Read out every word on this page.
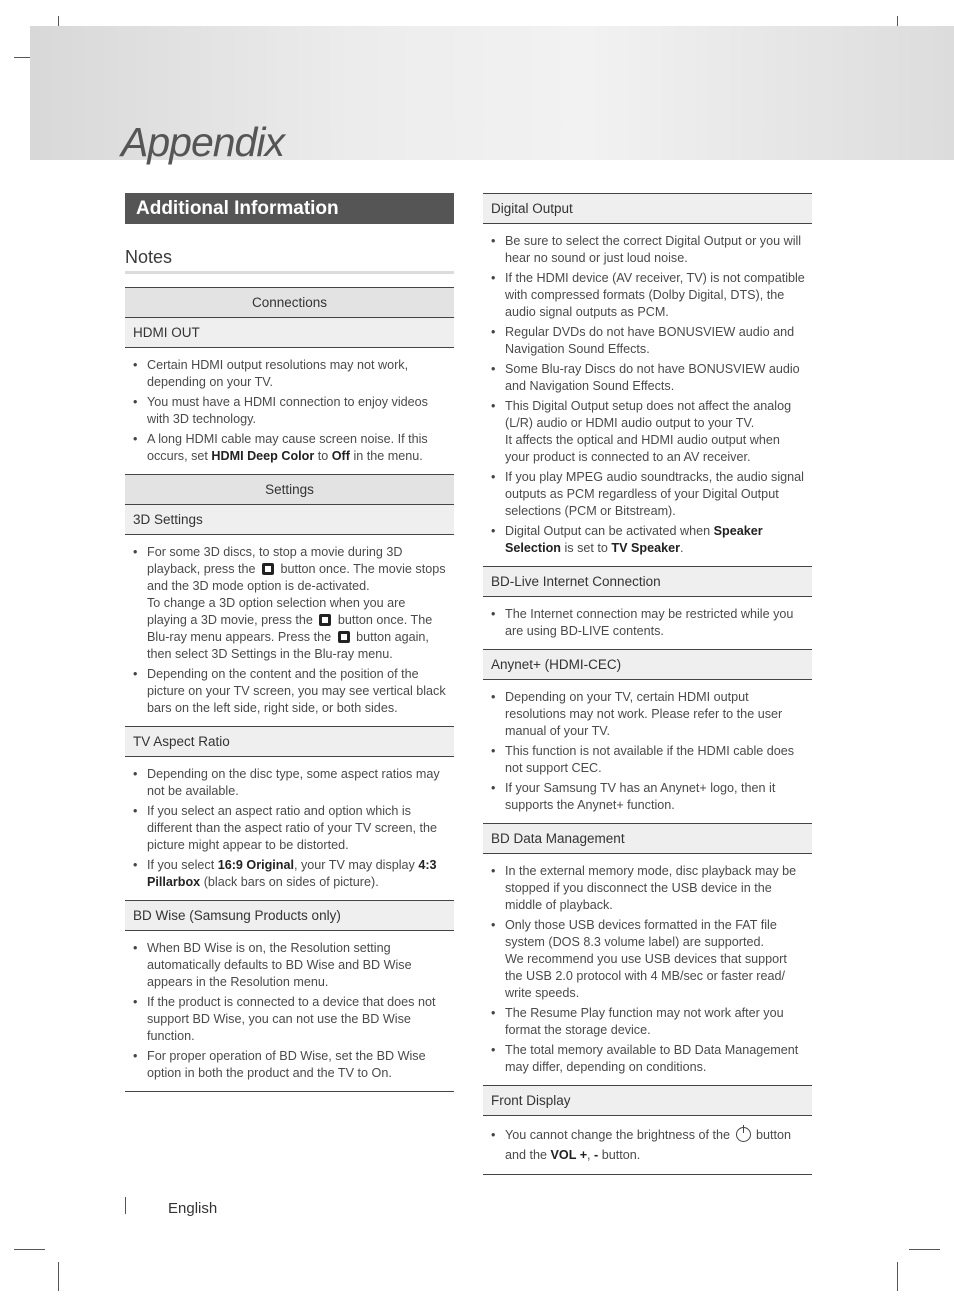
Appendix
Additional Information
Notes
Connections
HDMI OUT
• Certain HDMI output resolutions may not work, depending on your TV.
• You must have a HDMI connection to enjoy videos with 3D technology.
• A long HDMI cable may cause screen noise. If this occurs, set HDMI Deep Color to Off in the menu.
Settings
3D Settings
• For some 3D discs, to stop a movie during 3D playback, press the  button once. The movie stops and the 3D mode option is de-activated.
To change a 3D option selection when you are playing a 3D movie, press the  button once. The Blu-ray menu appears. Press the  button again, then select 3D Settings in the Blu-ray menu.
• Depending on the content and the position of the picture on your TV screen, you may see vertical black bars on the left side, right side, or both sides.
TV Aspect Ratio
• Depending on the disc type, some aspect ratios may not be available.
• If you select an aspect ratio and option which is different than the aspect ratio of your TV screen, the picture might appear to be distorted.
• If you select 16:9 Original, your TV may display 4:3 Pillarbox (black bars on sides of picture).
BD Wise (Samsung Products only)
• When BD Wise is on, the Resolution setting automatically defaults to BD Wise and BD Wise appears in the Resolution menu.
• If the product is connected to a device that does not support BD Wise, you can not use the BD Wise function.
• For proper operation of BD Wise, set the BD Wise option in both the product and the TV to On.
Digital Output
• Be sure to select the correct Digital Output or you will hear no sound or just loud noise.
• If the HDMI device (AV receiver, TV) is not compatible with compressed formats (Dolby Digital, DTS), the audio signal outputs as PCM.
• Regular DVDs do not have BONUSVIEW audio and Navigation Sound Effects.
• Some Blu-ray Discs do not have BONUSVIEW audio and Navigation Sound Effects.
• This Digital Output setup does not affect the analog (L/R) audio or HDMI audio output to your TV.
It affects the optical and HDMI audio output when your product is connected to an AV receiver.
• If you play MPEG audio soundtracks, the audio signal outputs as PCM regardless of your Digital Output selections (PCM or Bitstream).
• Digital Output can be activated when Speaker Selection is set to TV Speaker.
BD-Live Internet Connection
• The Internet connection may be restricted while you are using BD-LIVE contents.
Anynet+ (HDMI-CEC)
• Depending on your TV, certain HDMI output resolutions may not work. Please refer to the user manual of your TV.
• This function is not available if the HDMI cable does not support CEC.
• If your Samsung TV has an Anynet+ logo, then it supports the Anynet+ function.
BD Data Management
• In the external memory mode, disc playback may be stopped if you disconnect the USB device in the middle of playback.
• Only those USB devices formatted in the FAT file system (DOS 8.3 volume label) are supported.
We recommend you use USB devices that support the USB 2.0 protocol with 4 MB/sec or faster read/ write speeds.
• The Resume Play function may not work after you format the storage device.
• The total memory available to BD Data Management may differ, depending on conditions.
Front Display
• You cannot change the brightness of the  button and the VOL +, - button.
English
